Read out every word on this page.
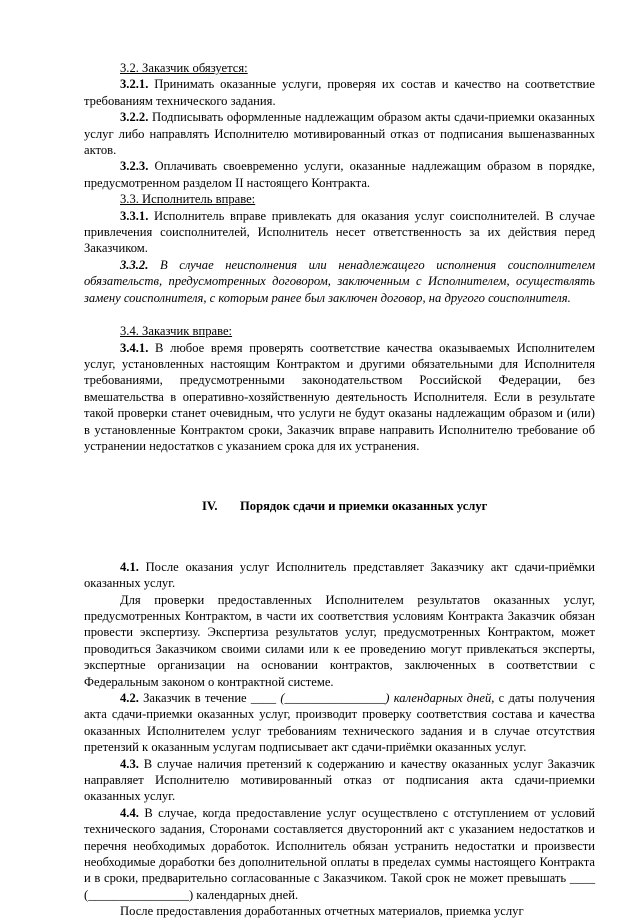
3.2. Заказчик обязуется:

3.2.1. Принимать оказанные услуги, проверяя их состав и качество на соответствие требованиям технического задания.

3.2.2. Подписывать оформленные надлежащим образом акты сдачи-приемки оказанных услуг либо направлять Исполнителю мотивированный отказ от подписания вышеназванных актов.

3.2.3. Оплачивать своевременно услуги, оказанные надлежащим образом в порядке, предусмотренном разделом II настоящего Контракта.

3.3. Исполнитель вправе:

3.3.1. Исполнитель вправе привлекать для оказания услуг соисполнителей. В случае привлечения соисполнителей, Исполнитель несет ответственность за их действия перед Заказчиком.

3.3.2. В случае неисполнения или ненадлежащего исполнения соисполнителем обязательств, предусмотренных договором, заключенным с Исполнителем, осуществлять замену соисполнителя, с которым ранее был заключен договор, на другого соисполнителя.

3.4. Заказчик вправе:

3.4.1. В любое время проверять соответствие качества оказываемых Исполнителем услуг, установленных настоящим Контрактом и другими обязательными для Исполнителя требованиями, предусмотренными законодательством Российской Федерации, без вмешательства в оперативно-хозяйственную деятельность Исполнителя. Если в результате такой проверки станет очевидным, что услуги не будут оказаны надлежащим образом и (или) в установленные Контрактом сроки, Заказчик вправе направить Исполнителю требование об устранении недостатков с указанием срока для их устранения.

IV. Порядок сдачи и приемки оказанных услуг

4.1. После оказания услуг Исполнитель представляет Заказчику акт сдачи-приёмки оказанных услуг.

Для проверки предоставленных Исполнителем результатов оказанных услуг, предусмотренных Контрактом, в части их соответствия условиям Контракта Заказчик обязан провести экспертизу. Экспертиза результатов услуг, предусмотренных Контрактом, может проводиться Заказчиком своими силами или к ее проведению могут привлекаться эксперты, экспертные организации на основании контрактов, заключенных в соответствии с Федеральным законом о контрактной системе.

4.2. Заказчик в течение ____ (________________) календарных дней, с даты получения акта сдачи-приемки оказанных услуг, производит проверку соответствия состава и качества оказанных Исполнителем услуг требованиям технического задания и в случае отсутствия претензий к оказанным услугам подписывает акт сдачи-приёмки оказанных услуг.

4.3. В случае наличия претензий к содержанию и качеству оказанных услуг Заказчик направляет Исполнителю мотивированный отказ от подписания акта сдачи-приемки оказанных услуг.

4.4. В случае, когда предоставление услуг осуществлено с отступлением от условий технического задания, Сторонами составляется двусторонний акт с указанием недостатков и перечня необходимых доработок. Исполнитель обязан устранить недостатки и произвести необходимые доработки без дополнительной оплаты в пределах суммы настоящего Контракта и в сроки, предварительно согласованные с Заказчиком. Такой срок не может превышать ____ (________________) календарных дней.

После предоставления доработанных отчетных материалов, приемка услуг
